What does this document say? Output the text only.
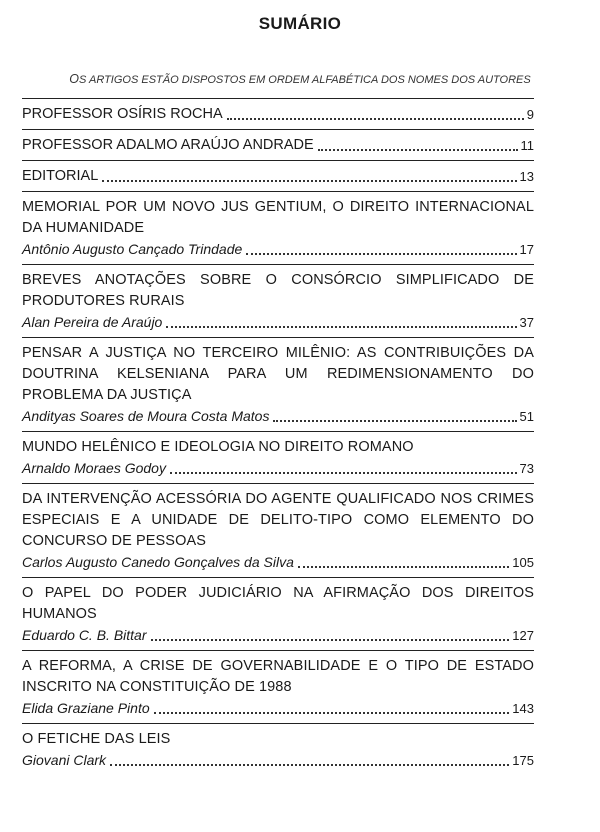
SUMÁRIO
OS ARTIGOS ESTÃO DISPOSTOS EM ORDEM ALFABÉTICA DOS NOMES DOS AUTORES
PROFESSOR OSÍRIS ROCHA	9
PROFESSOR ADALMO ARAÚJO ANDRADE	11
EDITORIAL	13
MEMORIAL POR UM NOVO JUS GENTIUM, O DIREITO INTERNACIONAL DA HUMANIDADE
Antônio Augusto Cançado Trindade	17
BREVES ANOTAÇÕES SOBRE O CONSÓRCIO SIMPLIFICADO DE PRODUTORES RURAIS
Alan Pereira de Araújo	37
PENSAR A JUSTIÇA NO TERCEIRO MILÊNIO: AS CONTRIBUIÇÕES DA DOUTRINA KELSENIANA PARA UM REDIMENSIONAMENTO DO PROBLEMA DA JUSTIÇA
Andityas Soares de Moura Costa Matos	51
MUNDO HELÊNICO E IDEOLOGIA NO DIREITO ROMANO
Arnaldo Moraes Godoy	73
DA INTERVENÇÃO ACESSÓRIA DO AGENTE QUALIFICADO NOS CRIMES ESPECIAIS E A UNIDADE DE DELITO-TIPO COMO ELEMENTO DO CONCURSO DE PESSOAS
Carlos Augusto Canedo Gonçalves da Silva	105
O PAPEL DO PODER JUDICIÁRIO NA AFIRMAÇÃO DOS DIREITOS HUMANOS
Eduardo C. B. Bittar	127
A REFORMA, A CRISE DE GOVERNABILIDADE E O TIPO DE ESTADO INSCRITO NA CONSTITUIÇÃO DE 1988
Elida Graziane Pinto	143
O FETICHE DAS LEIS
Giovani Clark	175
